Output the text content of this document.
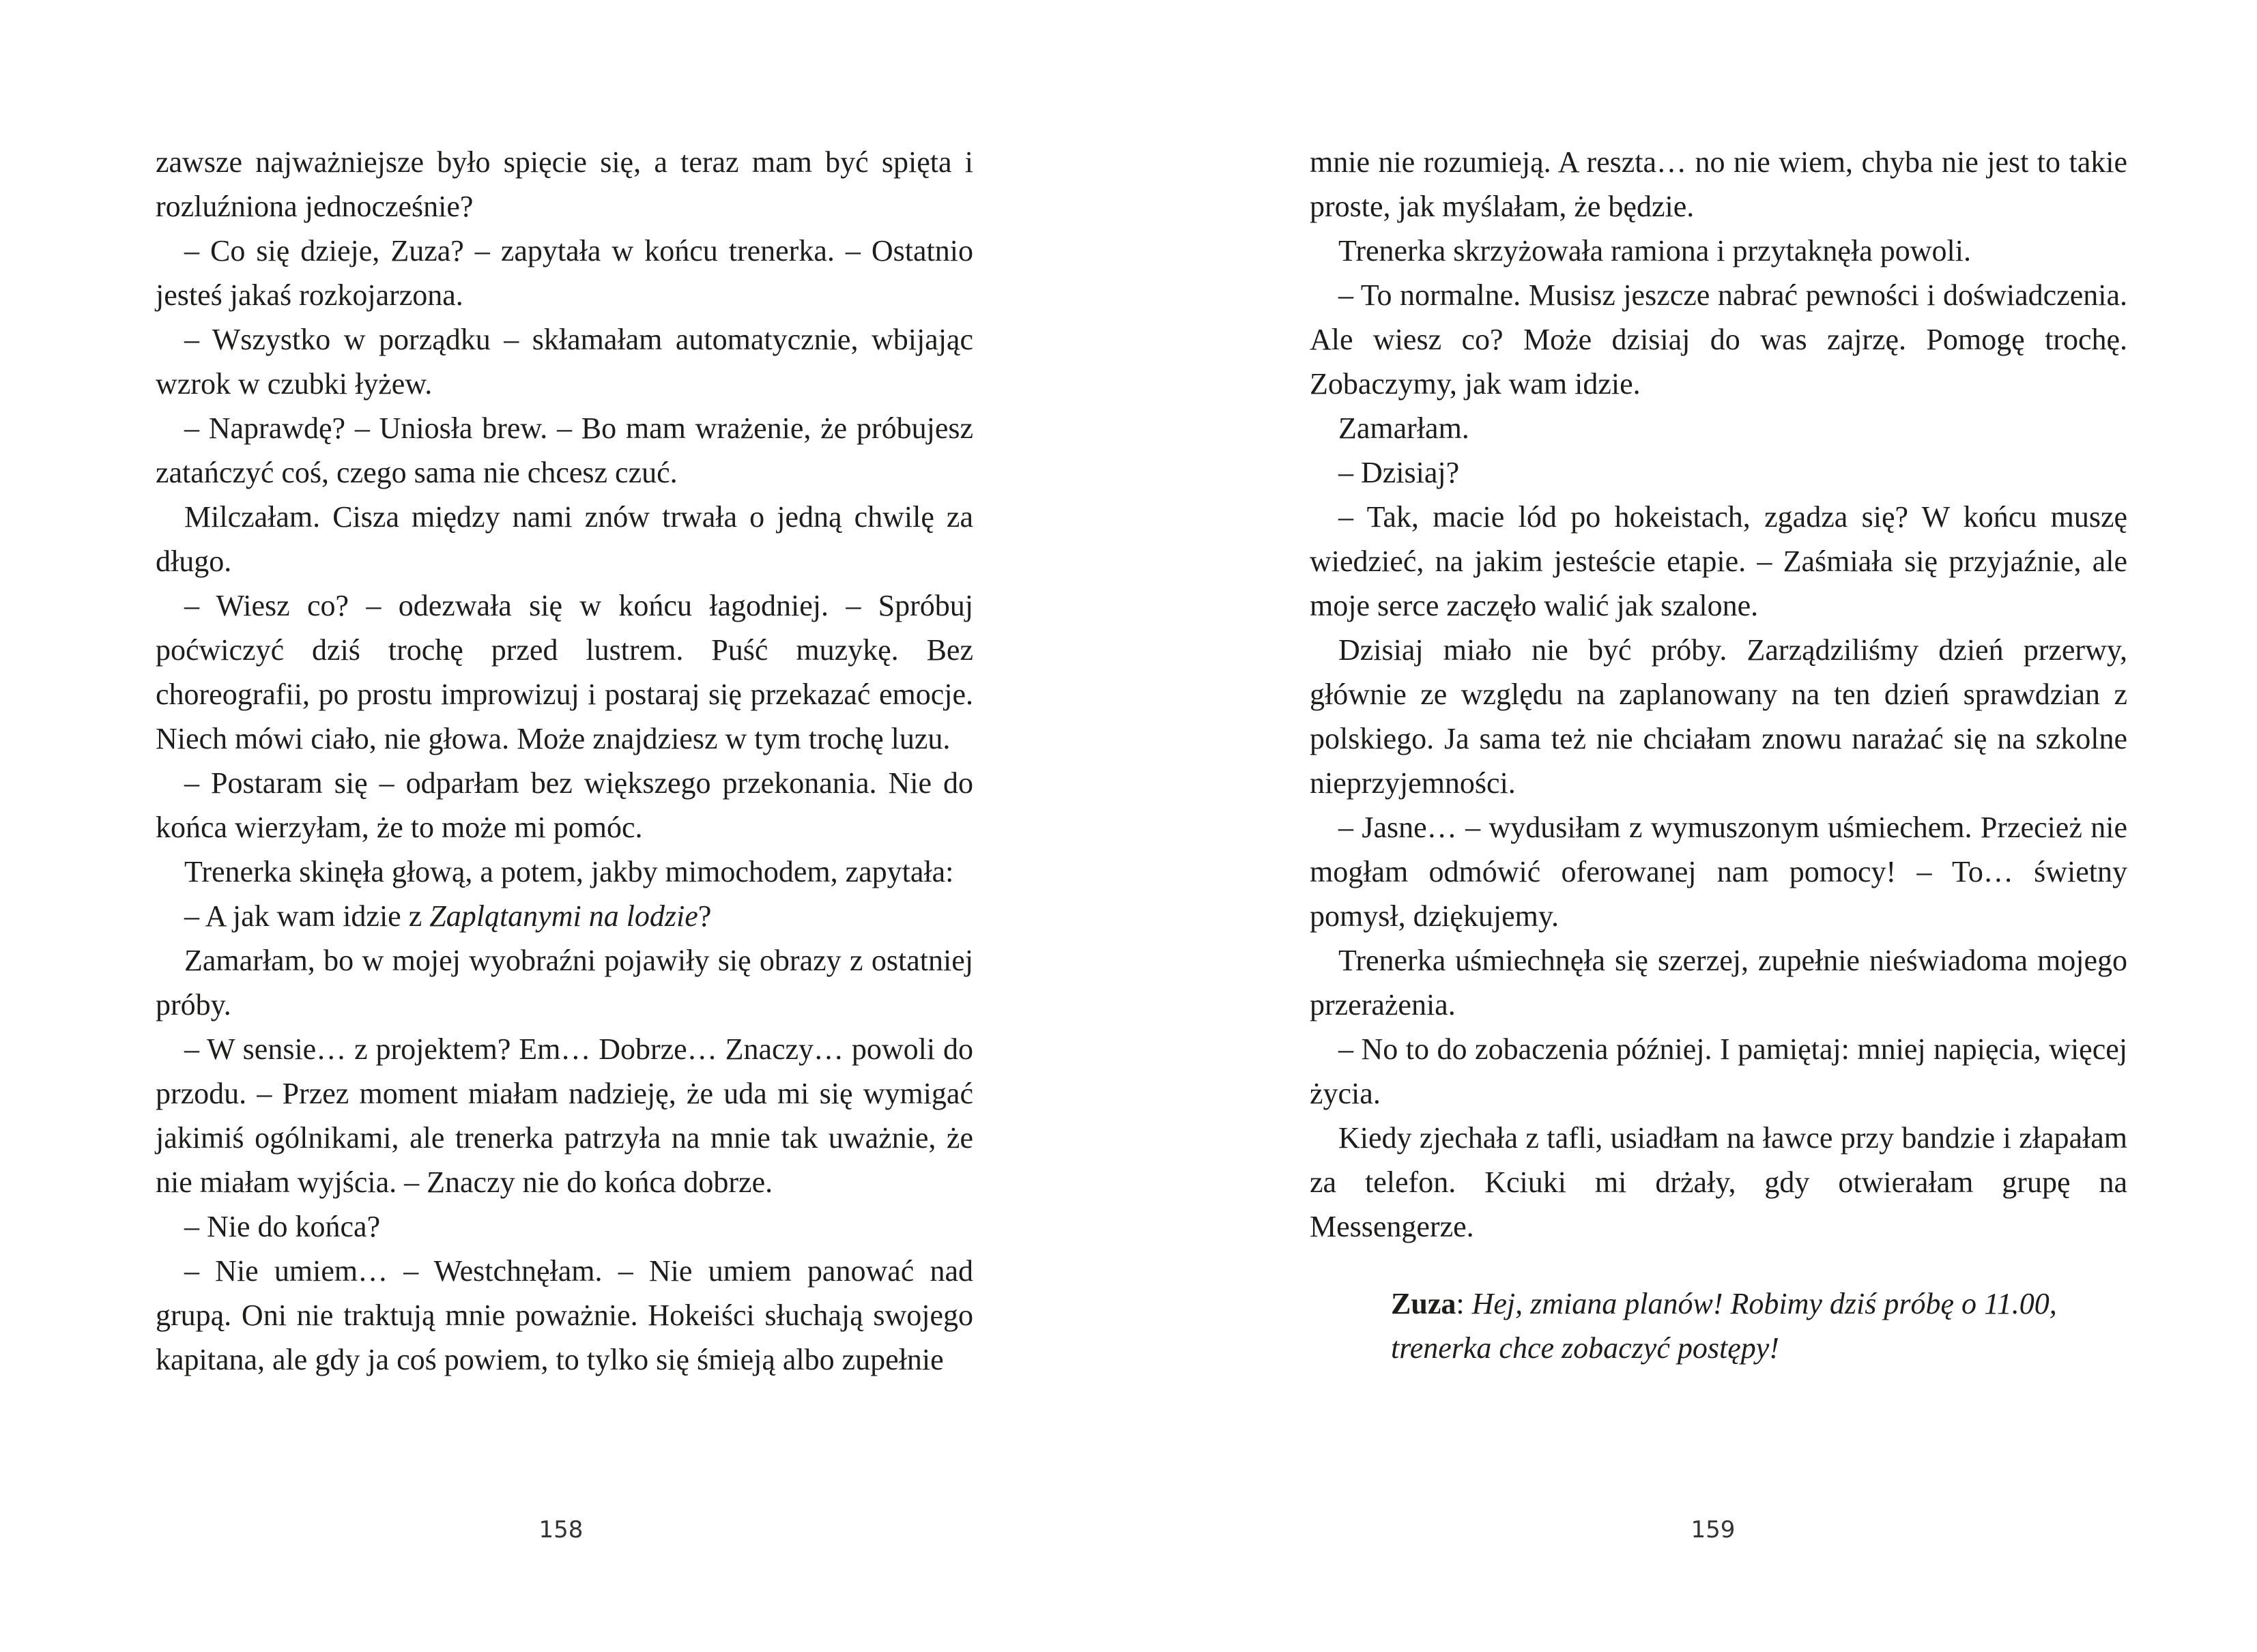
zawsze najważniejsze było spięcie się, a teraz mam być spięta i rozluźniona jednocześnie?

– Co się dzieje, Zuza? – zapytała w końcu trenerka. – Ostatnio jesteś jakaś rozkojarzona.

– Wszystko w porządku – skłamałam automatycznie, wbijając wzrok w czubki łyżew.

– Naprawdę? – Uniosła brew. – Bo mam wrażenie, że próbujesz zatańczyć coś, czego sama nie chcesz czuć.

Milczałam. Cisza między nami znów trwała o jedną chwilę za długo.

– Wiesz co? – odezwała się w końcu łagodniej. – Spróbuj poćwiczyć dziś trochę przed lustrem. Puść muzykę. Bez choreografii, po prostu improwizuj i postaraj się przekazać emocje. Niech mówi ciało, nie głowa. Może znajdziesz w tym trochę luzu.

– Postaram się – odparłam bez większego przekonania. Nie do końca wierzyłam, że to może mi pomóc.

Trenerka skinęła głową, a potem, jakby mimochodem, zapytała:

– A jak wam idzie z Zaplątanymi na lodzie?

Zamarłam, bo w mojej wyobraźni pojawiły się obrazy z ostatniej próby.

– W sensie… z projektem? Em… Dobrze… Znaczy… powoli do przodu. – Przez moment miałam nadzieję, że uda mi się wymigać jakimiś ogólnikami, ale trenerka patrzyła na mnie tak uważnie, że nie miałam wyjścia. – Znaczy nie do końca dobrze.

– Nie do końca?

– Nie umiem… – Westchnęłam. – Nie umiem panować nad grupą. Oni nie traktują mnie poważnie. Hokeiści słuchają swojego kapitana, ale gdy ja coś powiem, to tylko się śmieją albo zupełnie

158

mnie nie rozumieją. A reszta… no nie wiem, chyba nie jest to takie proste, jak myślałam, że będzie.

Trenerka skrzyżowała ramiona i przytaknęła powoli.

– To normalne. Musisz jeszcze nabrać pewności i doświadczenia. Ale wiesz co? Może dzisiaj do was zajrzę. Pomogę trochę. Zobaczymy, jak wam idzie.

Zamarłam.

– Dzisiaj?

– Tak, macie lód po hokeistach, zgadza się? W końcu muszę wiedzieć, na jakim jesteście etapie. – Zaśmiała się przyjaźnie, ale moje serce zaczęło walić jak szalone.

Dzisiaj miało nie być próby. Zarządziliśmy dzień przerwy, głównie ze względu na zaplanowany na ten dzień sprawdzian z polskiego. Ja sama też nie chciałam znowu narażać się na szkolne nieprzyjemności.

– Jasne… – wydusiłam z wymuszonym uśmiechem. Przecież nie mogłam odmówić oferowanej nam pomocy! – To… świetny pomysł, dziękujemy.

Trenerka uśmiechnęła się szerzej, zupełnie nieświadoma mojego przerażenia.

– No to do zobaczenia później. I pamiętaj: mniej napięcia, więcej życia.

Kiedy zjechała z tafli, usiadłam na ławce przy bandzie i złapałam za telefon. Kciuki mi drżały, gdy otwierałam grupę na Messengerze.

Zuza: Hej, zmiana planów! Robimy dziś próbę o 11.00, trenerka chce zobaczyć postępy!
159
